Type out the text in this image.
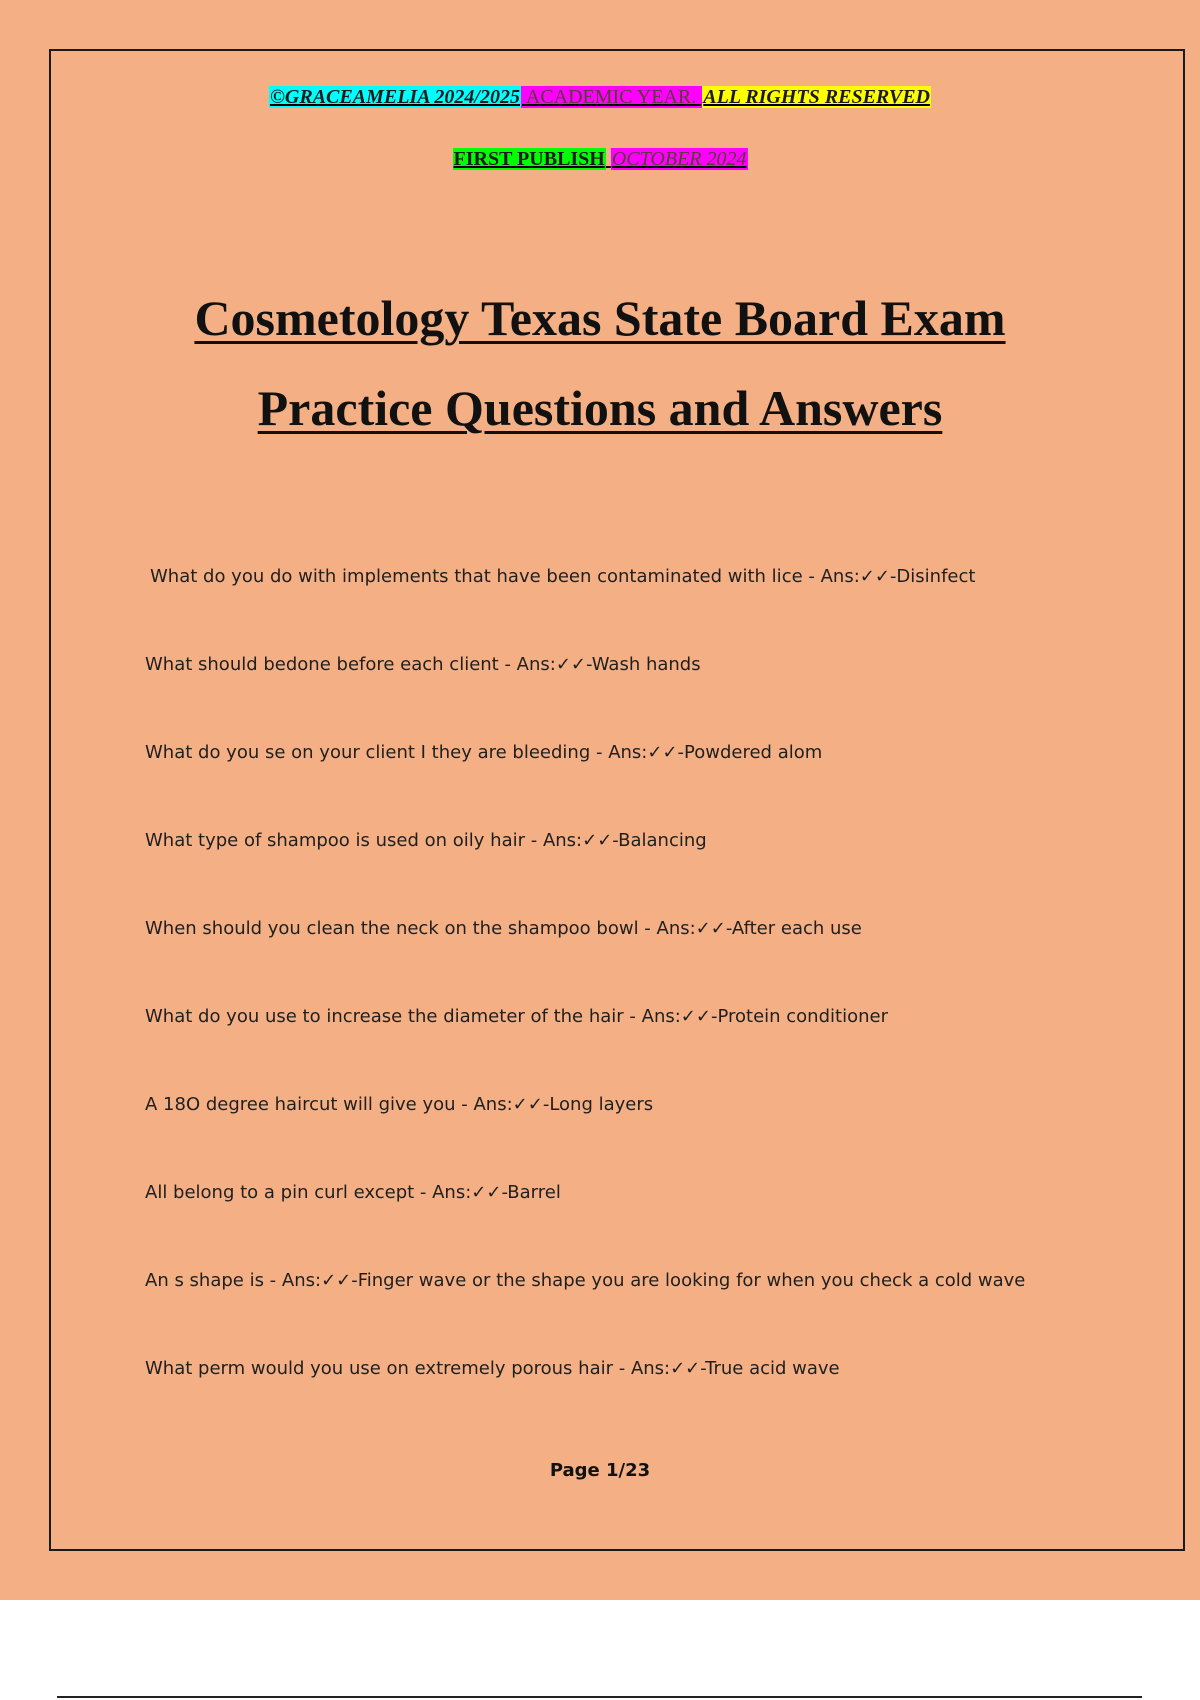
©GRACEAMELIA 2024/2025 ACADEMIC YEAR. ALL RIGHTS RESERVED
FIRST PUBLISH OCTOBER 2024
Cosmetology Texas State Board Exam
Practice Questions and Answers
What do you do with implements that have been contaminated with lice - Ans:✓✓-Disinfect
What should bedone before each client - Ans:✓✓-Wash hands
What do you se on your client I they are bleeding - Ans:✓✓-Powdered alom
What type of shampoo is used on oily hair - Ans:✓✓-Balancing
When should you clean the neck on the shampoo bowl - Ans:✓✓-After each use
What do you use to increase the diameter of the hair - Ans:✓✓-Protein conditioner
A 18O degree haircut will give you - Ans:✓✓-Long layers
All belong to a pin curl except - Ans:✓✓-Barrel
An s shape is - Ans:✓✓-Finger wave or the shape you are looking for when you check a cold wave
What perm would you use on extremely porous hair - Ans:✓✓-True acid wave
Page 1/23
